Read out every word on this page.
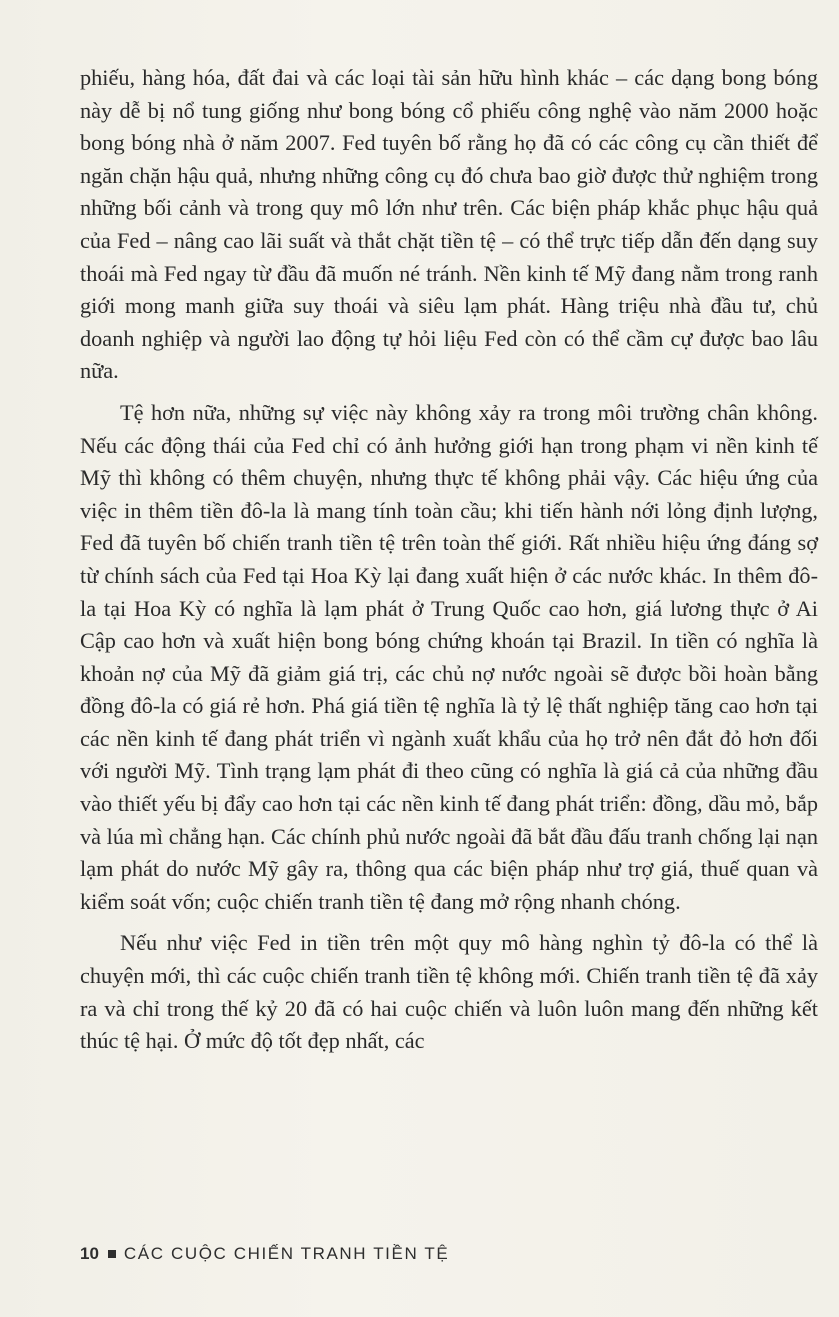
phiếu, hàng hóa, đất đai và các loại tài sản hữu hình khác – các dạng bong bóng này dễ bị nổ tung giống như bong bóng cổ phiếu công nghệ vào năm 2000 hoặc bong bóng nhà ở năm 2007. Fed tuyên bố rằng họ đã có các công cụ cần thiết để ngăn chặn hậu quả, nhưng những công cụ đó chưa bao giờ được thử nghiệm trong những bối cảnh và trong quy mô lớn như trên. Các biện pháp khắc phục hậu quả của Fed – nâng cao lãi suất và thắt chặt tiền tệ – có thể trực tiếp dẫn đến dạng suy thoái mà Fed ngay từ đầu đã muốn né tránh. Nền kinh tế Mỹ đang nằm trong ranh giới mong manh giữa suy thoái và siêu lạm phát. Hàng triệu nhà đầu tư, chủ doanh nghiệp và người lao động tự hỏi liệu Fed còn có thể cầm cự được bao lâu nữa.

Tệ hơn nữa, những sự việc này không xảy ra trong môi trường chân không. Nếu các động thái của Fed chỉ có ảnh hưởng giới hạn trong phạm vi nền kinh tế Mỹ thì không có thêm chuyện, nhưng thực tế không phải vậy. Các hiệu ứng của việc in thêm tiền đô-la là mang tính toàn cầu; khi tiến hành nới lỏng định lượng, Fed đã tuyên bố chiến tranh tiền tệ trên toàn thế giới. Rất nhiều hiệu ứng đáng sợ từ chính sách của Fed tại Hoa Kỳ lại đang xuất hiện ở các nước khác. In thêm đô-la tại Hoa Kỳ có nghĩa là lạm phát ở Trung Quốc cao hơn, giá lương thực ở Ai Cập cao hơn và xuất hiện bong bóng chứng khoán tại Brazil. In tiền có nghĩa là khoản nợ của Mỹ đã giảm giá trị, các chủ nợ nước ngoài sẽ được bồi hoàn bằng đồng đô-la có giá rẻ hơn. Phá giá tiền tệ nghĩa là tỷ lệ thất nghiệp tăng cao hơn tại các nền kinh tế đang phát triển vì ngành xuất khẩu của họ trở nên đắt đỏ hơn đối với người Mỹ. Tình trạng lạm phát đi theo cũng có nghĩa là giá cả của những đầu vào thiết yếu bị đẩy cao hơn tại các nền kinh tế đang phát triển: đồng, dầu mỏ, bắp và lúa mì chẳng hạn. Các chính phủ nước ngoài đã bắt đầu đấu tranh chống lại nạn lạm phát do nước Mỹ gây ra, thông qua các biện pháp như trợ giá, thuế quan và kiểm soát vốn; cuộc chiến tranh tiền tệ đang mở rộng nhanh chóng.

Nếu như việc Fed in tiền trên một quy mô hàng nghìn tỷ đô-la có thể là chuyện mới, thì các cuộc chiến tranh tiền tệ không mới. Chiến tranh tiền tệ đã xảy ra và chỉ trong thế kỷ 20 đã có hai cuộc chiến và luôn luôn mang đến những kết thúc tệ hại. Ở mức độ tốt đẹp nhất, các

10 CÁC CUỘC CHIẾN TRANH TIỀN TỆ
